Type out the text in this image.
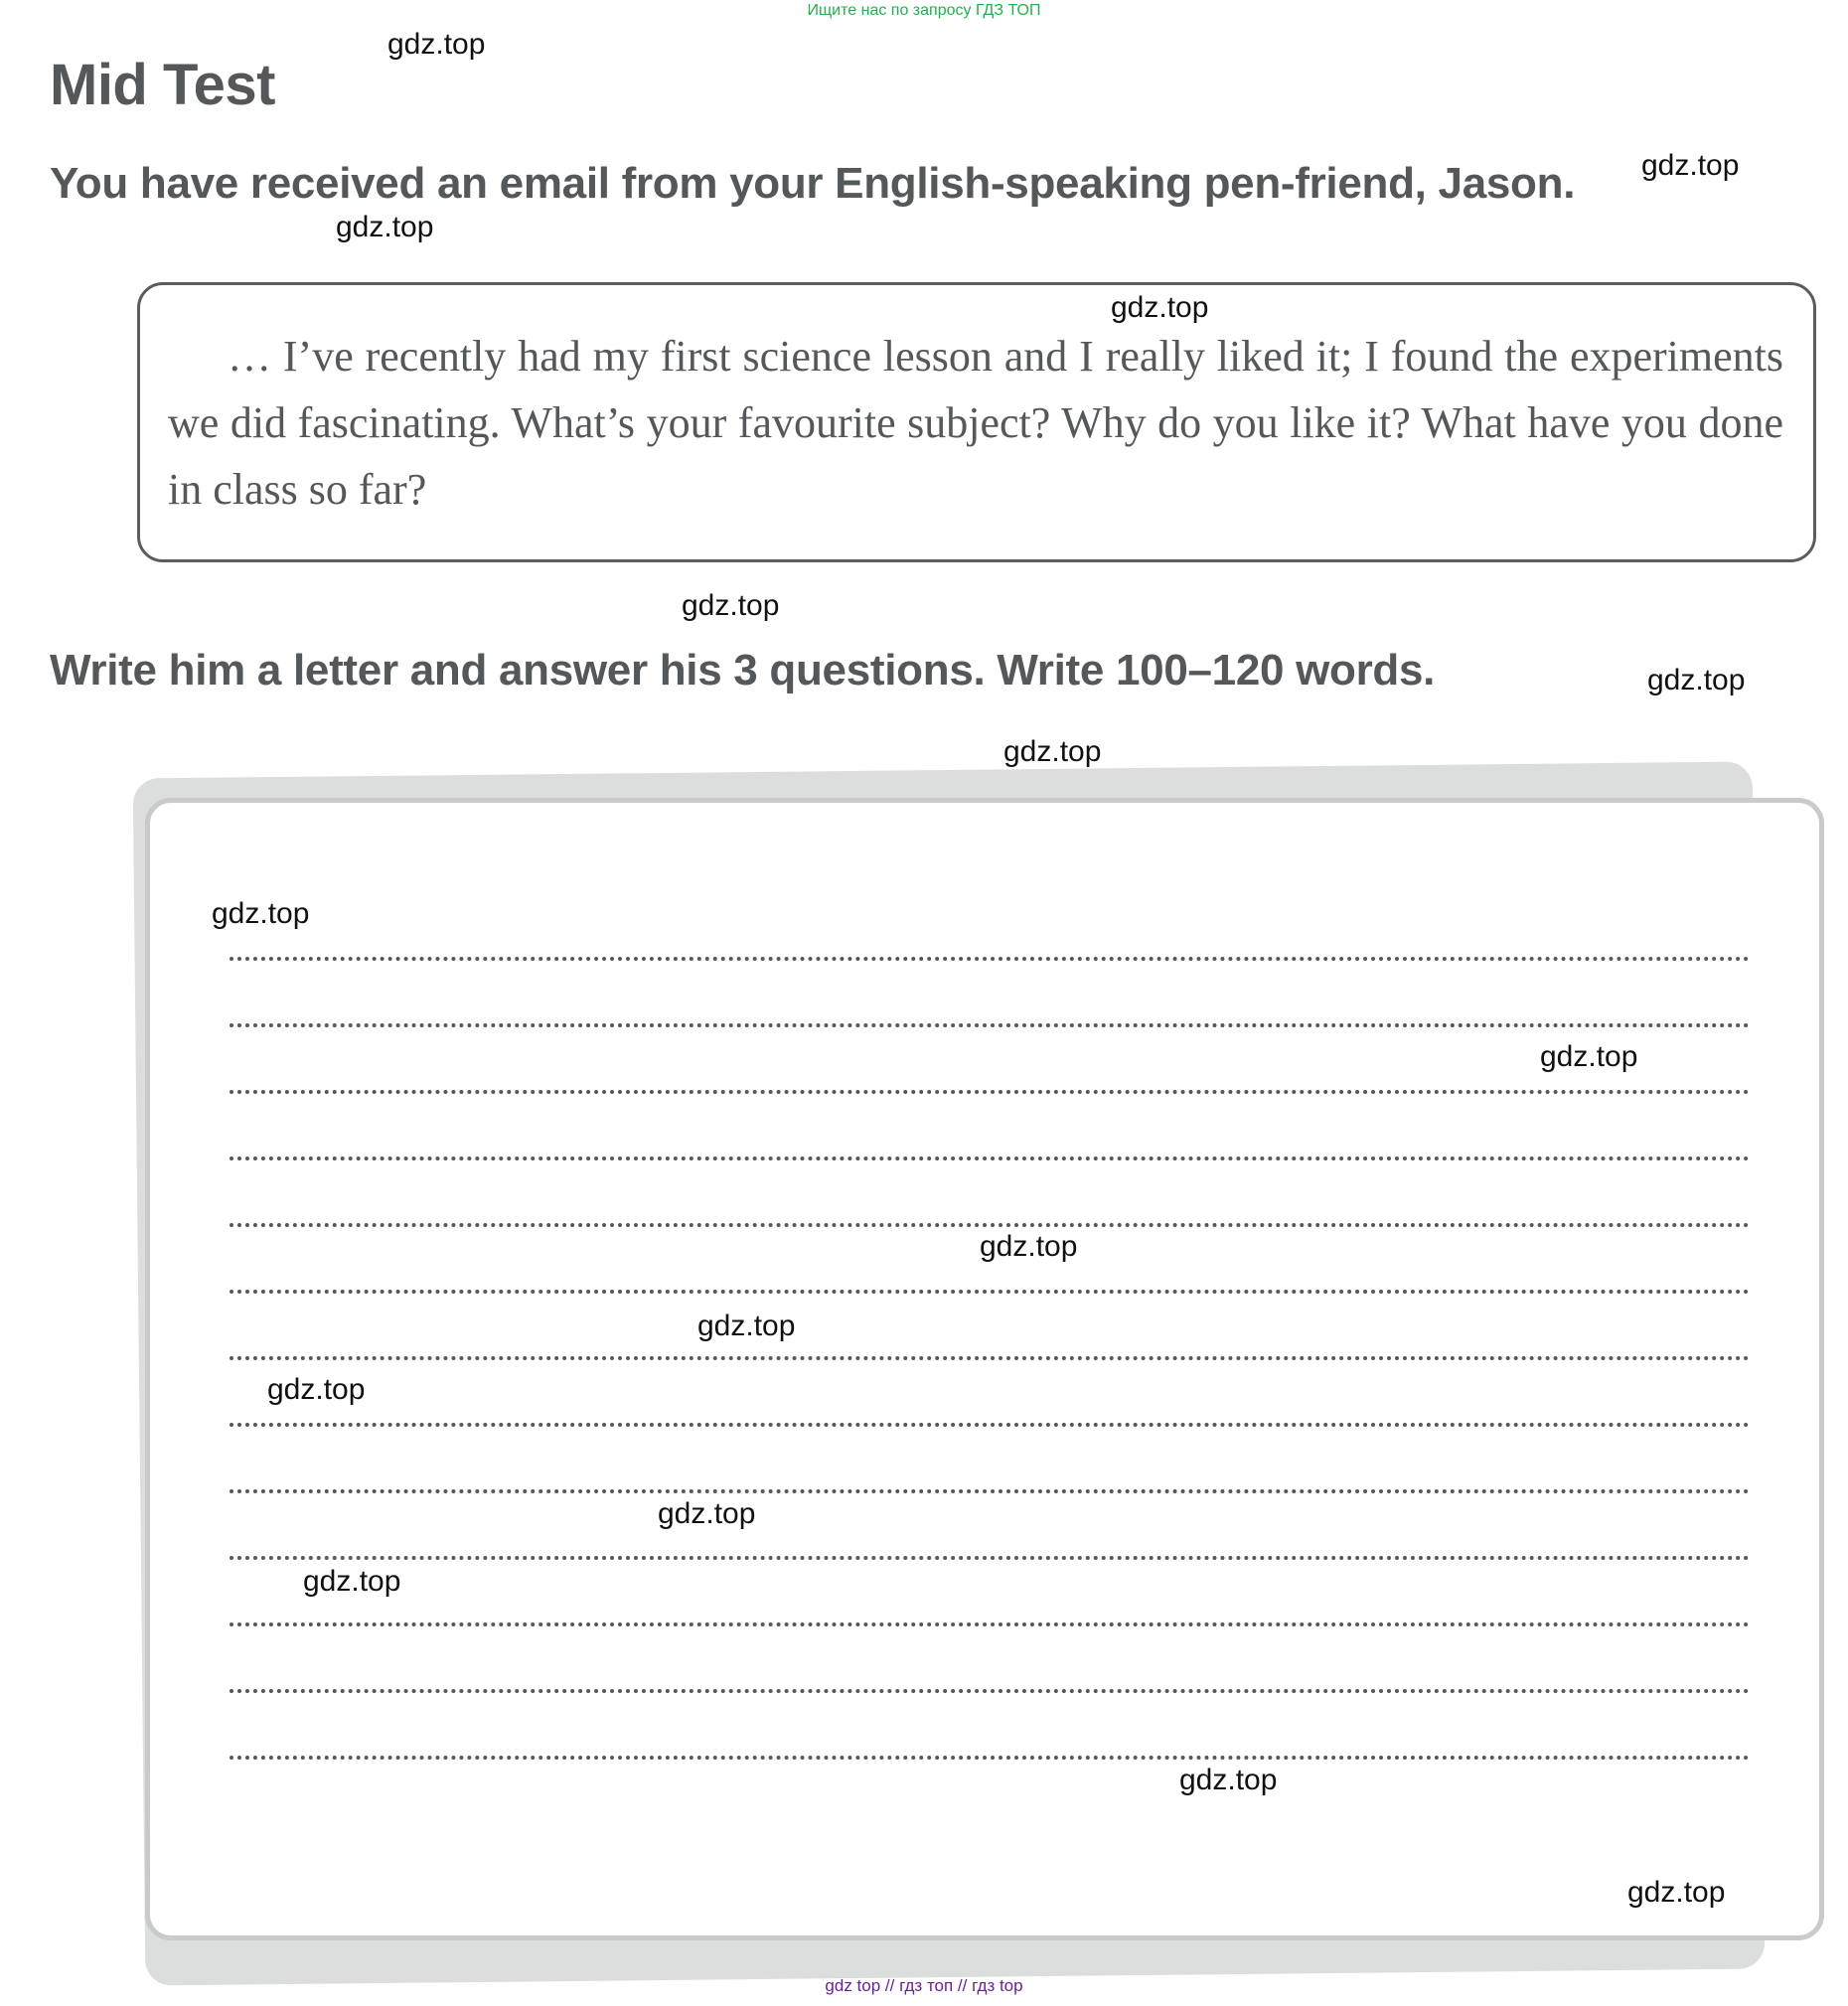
Ищите нас по запросу ГДЗ ТОП
Mid Test
You have received an email from your English-speaking pen-friend, Jason.
… I’ve recently had my first science lesson and I really liked it; I found the experiments we did fascinating. What’s your favourite subject? Why do you like it? What have you done in class so far?
Write him a letter and answer his 3 questions. Write 100–120 words.
gdz.top
gdz.top
gdz.top
gdz.top
gdz.top
gdz.top
gdz.top
gdz.top
gdz.top
gdz.top
gdz.top
gdz.top
gdz.top
gdz.top
gdz.top
gdz.top
gdz top // гдз топ // гдз top
